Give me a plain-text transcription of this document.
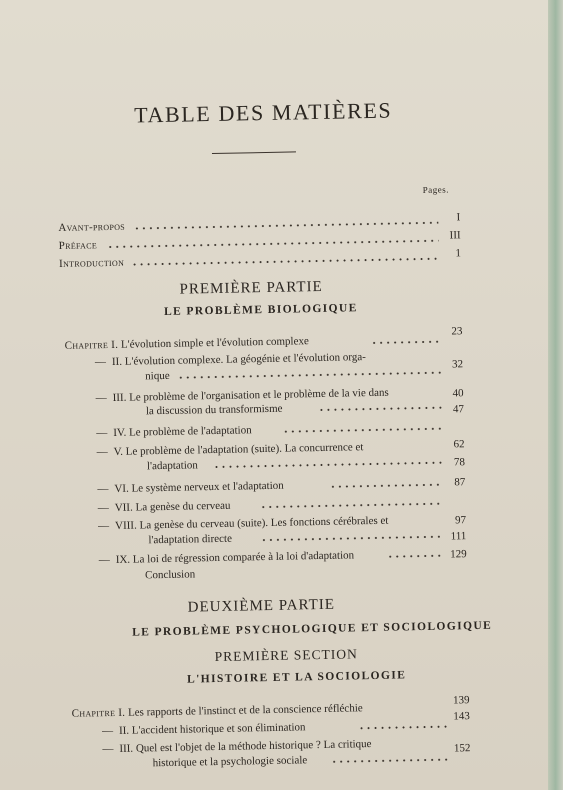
TABLE DES MATIÈRES
Pages.
Avant-propos
I
Préface
III
Introduction
1
PREMIÈRE PARTIE
LE PROBLÈME BIOLOGIQUE
Chapitre I. L'évolution simple et l'évolution complexe
23
— II. L'évolution complexe. La géogénie et l'évolution orga-
nique
32
— III. Le problème de l'organisation et le problème de la vie dans
la discussion du transformisme
40
47
— IV. Le problème de l'adaptation
— V. Le problème de l'adaptation (suite). La concurrence et
l'adaptation
62
78
— VI. Le système nerveux et l'adaptation	87
— VII. La genèse du cerveau
— VIII. La genèse du cerveau (suite). Les fonctions cérébrales et
l'adaptation directe
97
111
— IX. La loi de régression comparée à la loi d'adaptation	129
Conclusion
DEUXIÈME PARTIE
LE PROBLÈME PSYCHOLOGIQUE ET SOCIOLOGIQUE
PREMIÈRE SECTION
L'HISTOIRE ET LA SOCIOLOGIE
Chapitre I. Les rapports de l'instinct et de la conscience réfléchie
139
— II. L'accident historique et son élimination
143
— III. Quel est l'objet de la méthode historique ? La critique
historique et la psychologie sociale
152
